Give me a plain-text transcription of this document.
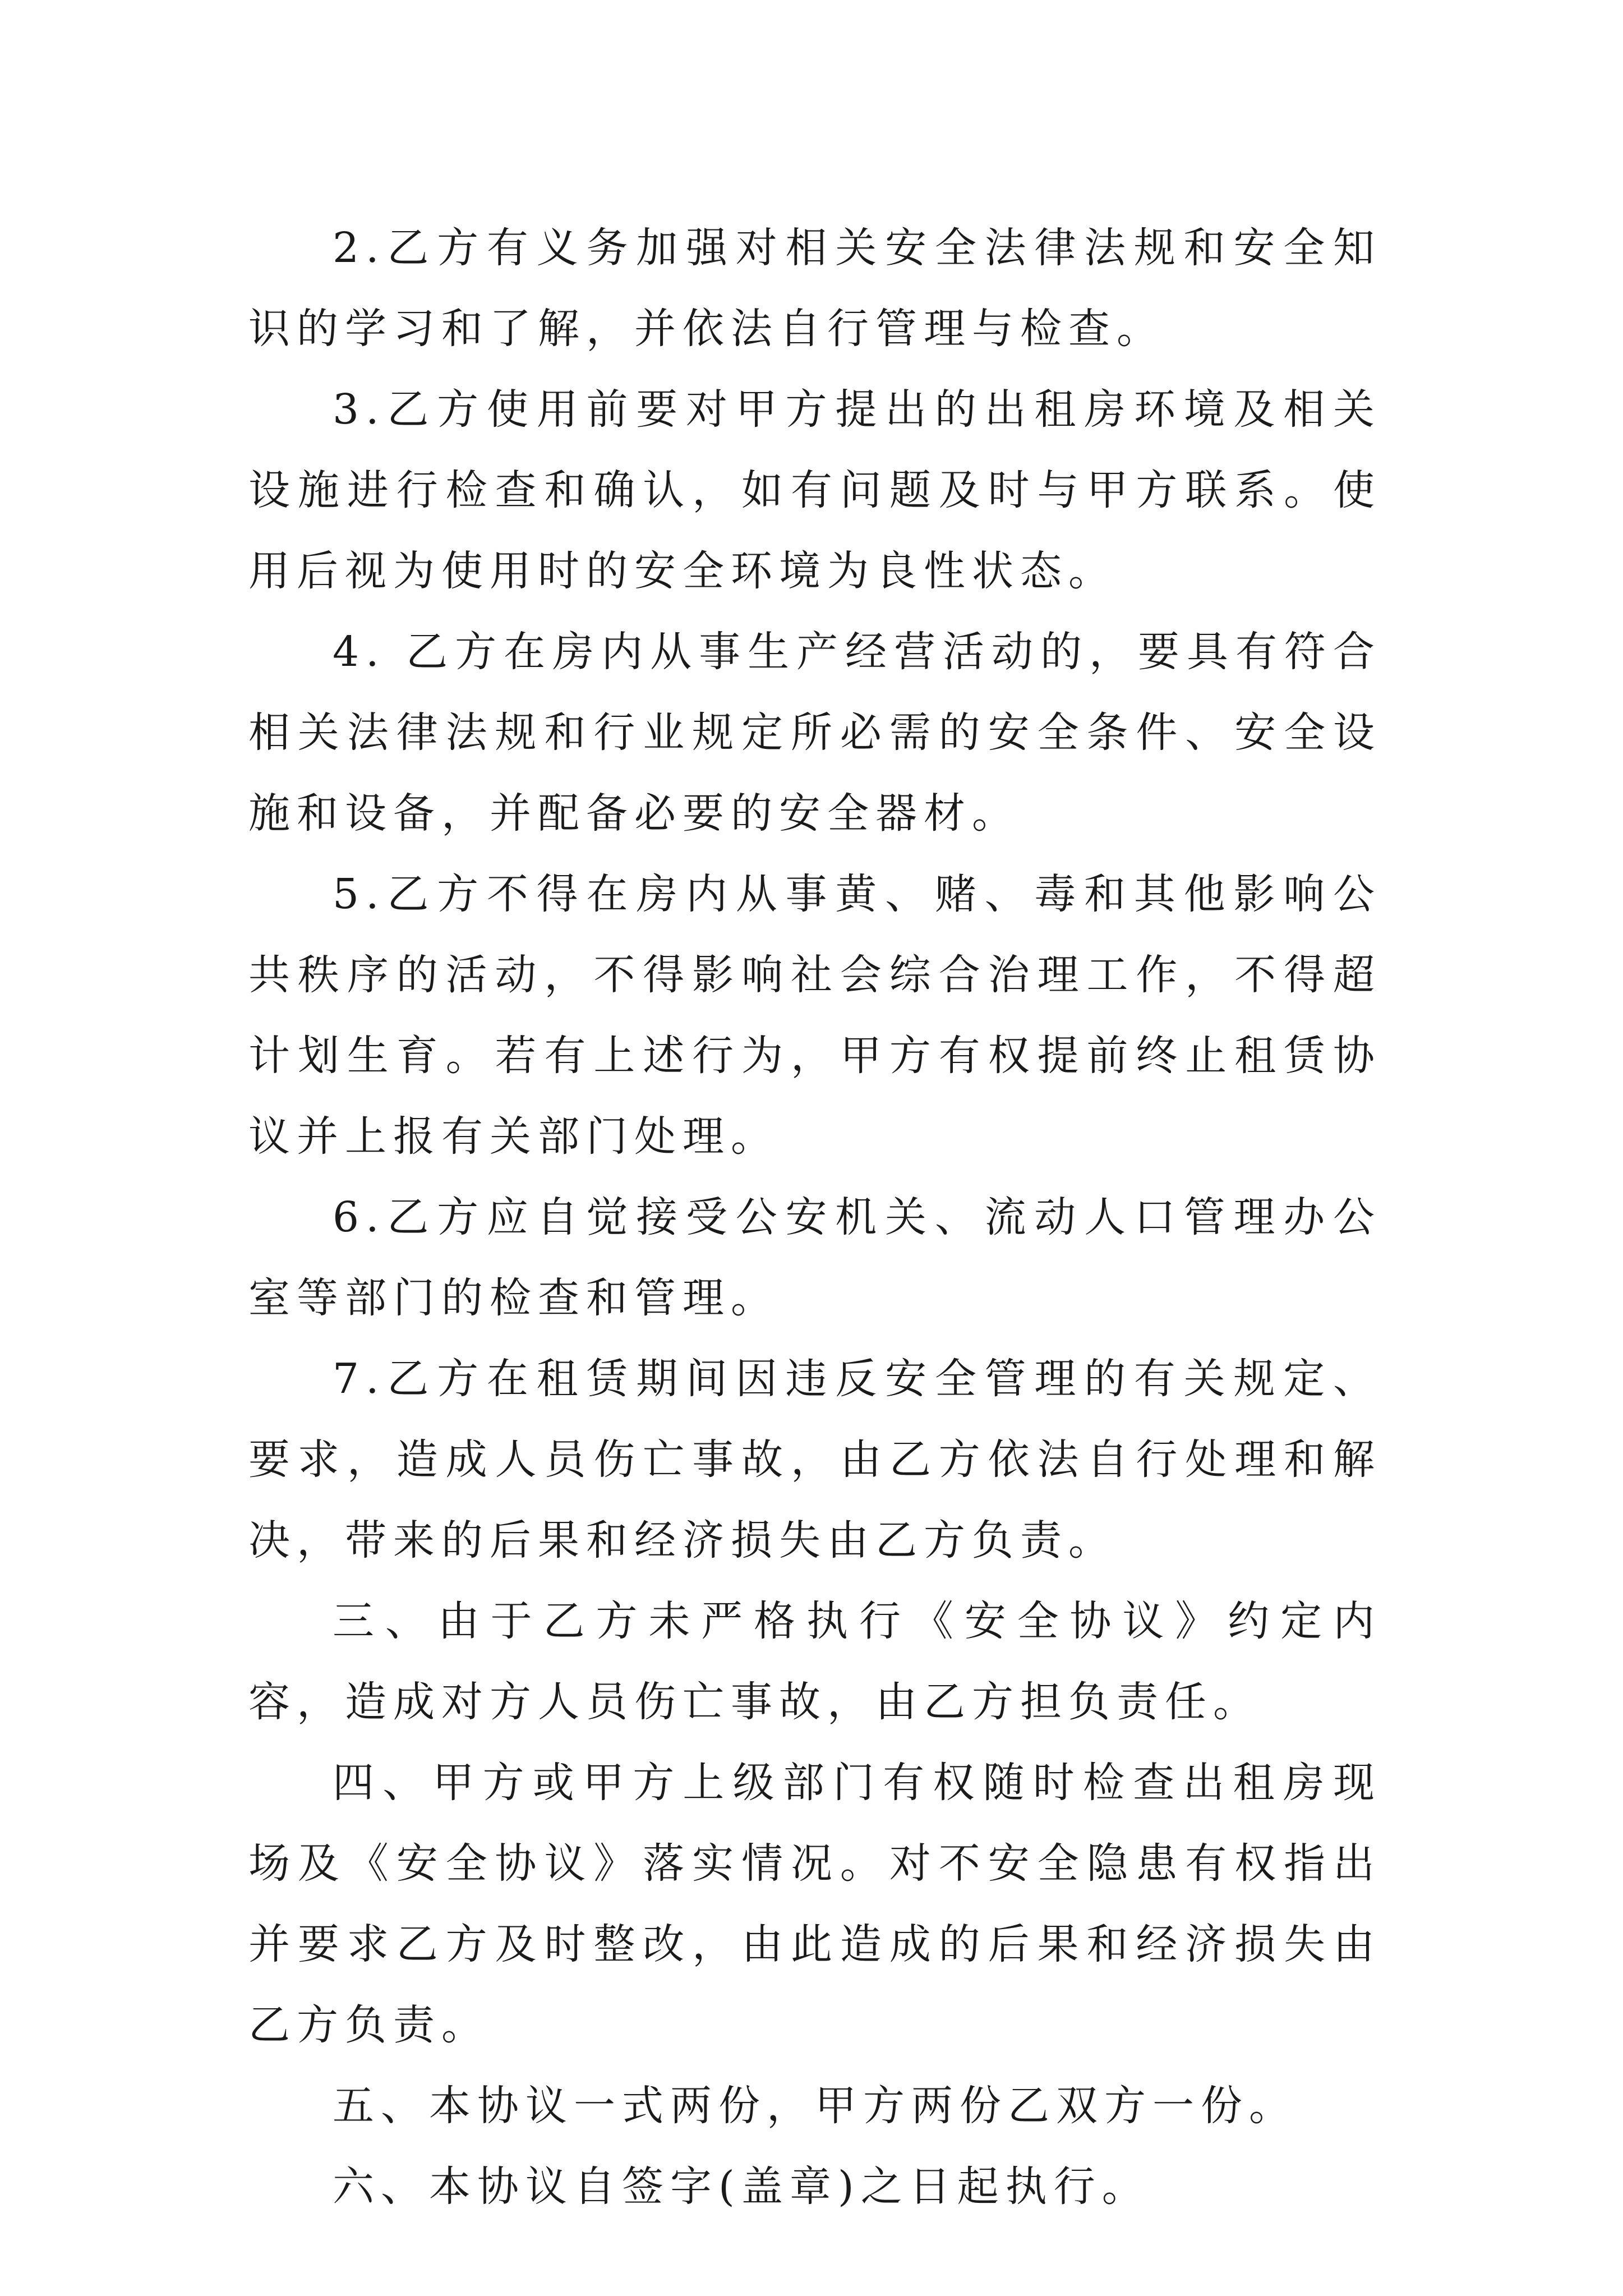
2.乙方有义务加强对相关安全法律法规和安全知识的学习和了解，并依法自行管理与检查。

3.乙方使用前要对甲方提出的出租房环境及相关设施进行检查和确认，如有问题及时与甲方联系。使用后视为使用时的安全环境为良性状态。

4. 乙方在房内从事生产经营活动的，要具有符合相关法律法规和行业规定所必需的安全条件、安全设施和设备，并配备必要的安全器材。

5.乙方不得在房内从事黄、赌、毒和其他影响公共秩序的活动，不得影响社会综合治理工作，不得超计划生育。若有上述行为，甲方有权提前终止租赁协议并上报有关部门处理。

6.乙方应自觉接受公安机关、流动人口管理办公室等部门的检查和管理。

7.乙方在租赁期间因违反安全管理的有关规定、要求，造成人员伤亡事故，由乙方依法自行处理和解决，带来的后果和经济损失由乙方负责。

三、由于乙方未严格执行《安全协议》约定内容，造成对方人员伤亡事故，由乙方担负责任。

四、甲方或甲方上级部门有权随时检查出租房现场及《安全协议》落实情况。对不安全隐患有权指出并要求乙方及时整改，由此造成的后果和经济损失由乙方负责。

五、本协议一式两份，甲方两份乙双方一份。

六、本协议自签字(盖章)之日起执行。
